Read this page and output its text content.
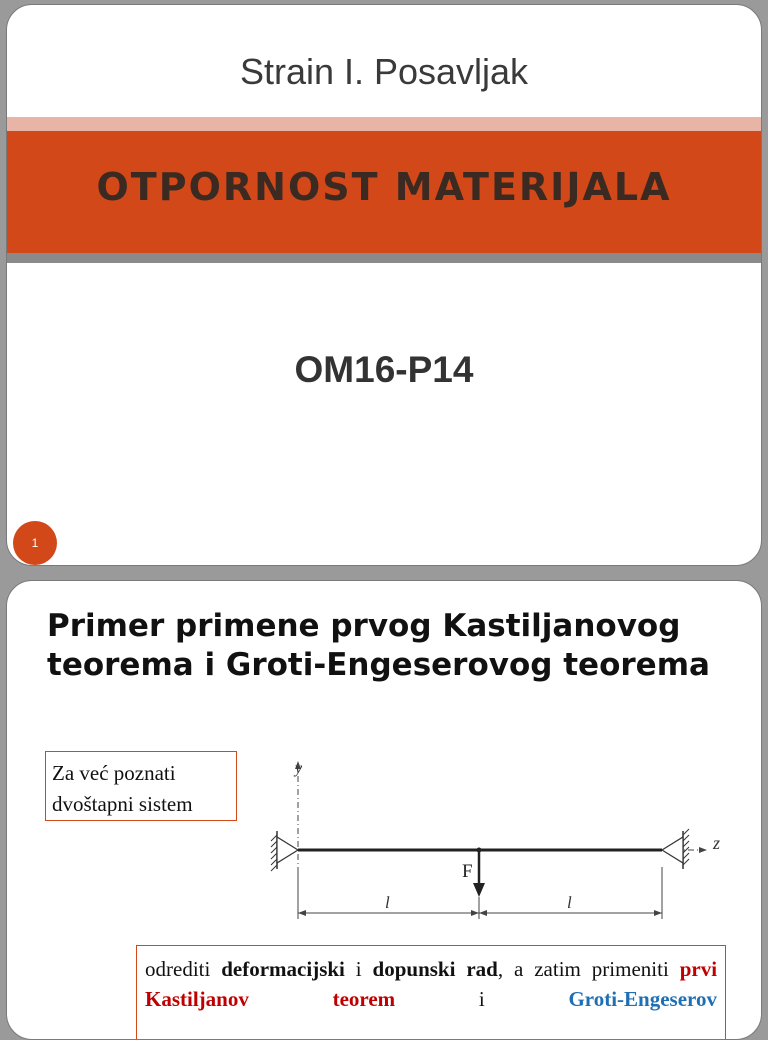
Strain I. Posavljak
OTPORNOST MATERIJALA
OM16-P14
1
Primer primene prvog Kastiljanovog teorema i Groti-Engeserovog teorema
Za već poznati
dvoštapni sistem
y
z
F
l	l
odrediti deformacijski i dopunski rad, a zatim primeniti prvi Kastiljanov teorem	i	Groti-Engeserov
